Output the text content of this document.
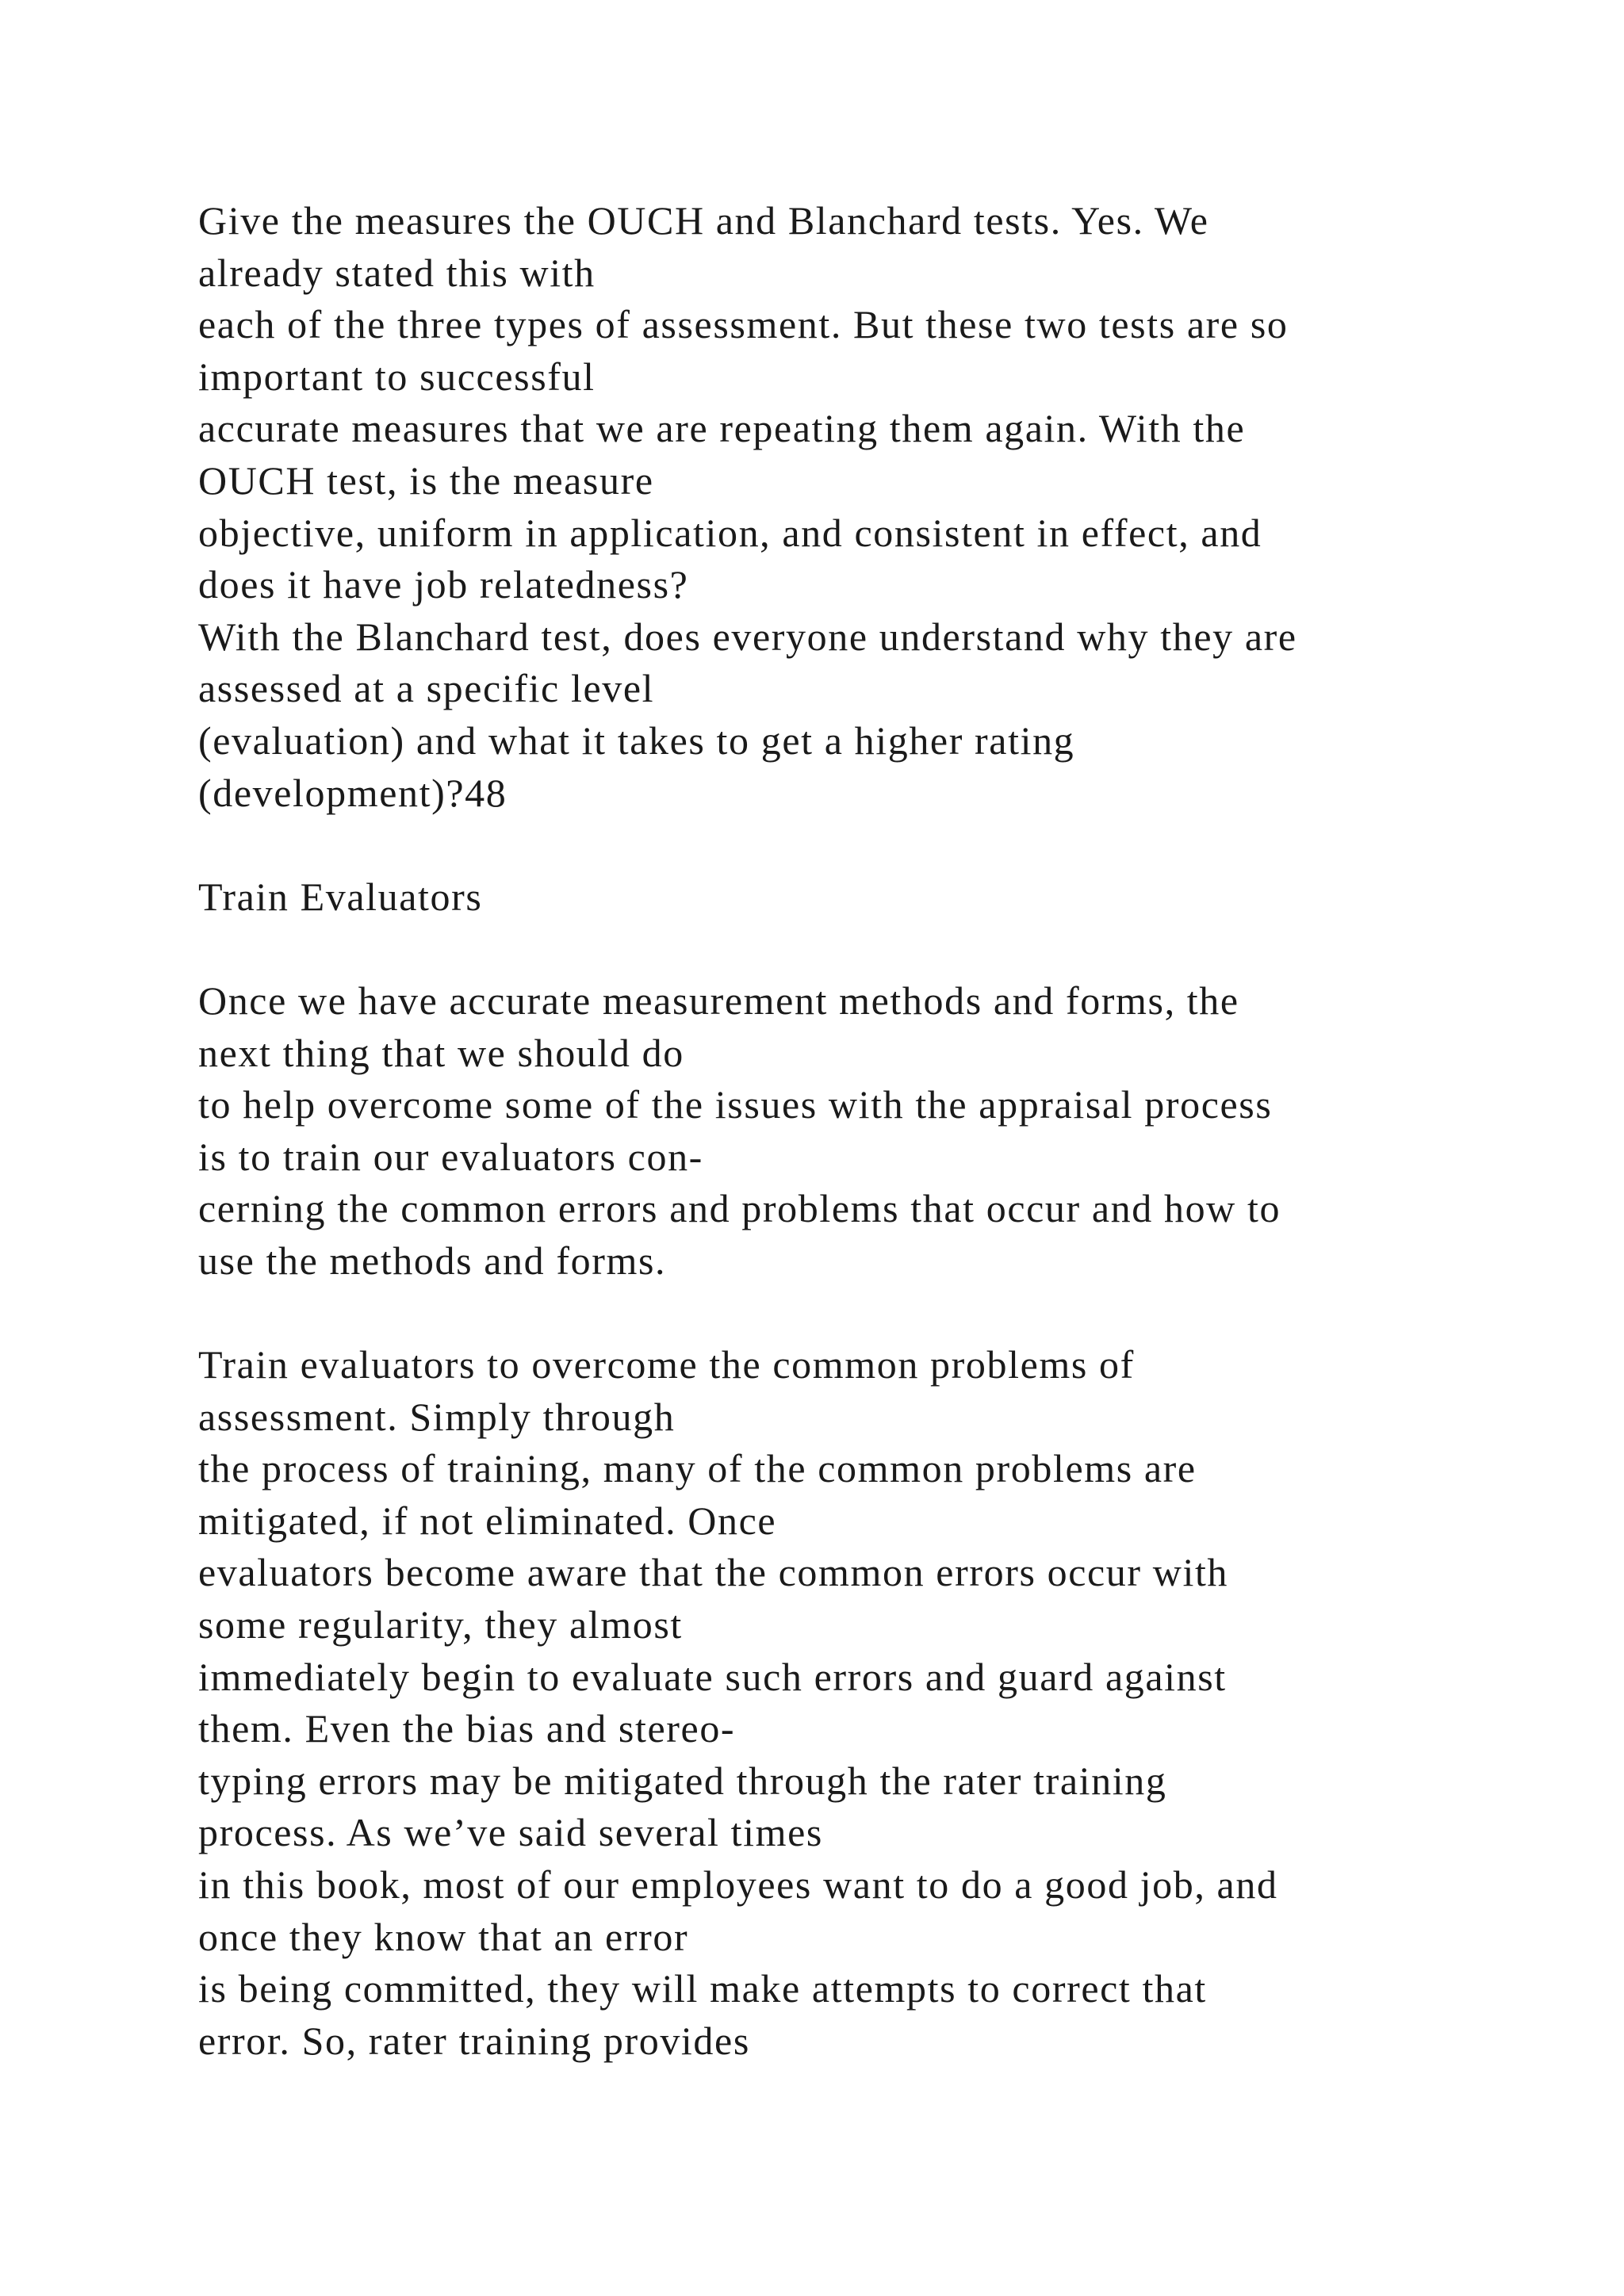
Give the measures the OUCH and Blanchard tests. Yes. We
already stated this with
each of the three types of assessment. But these two tests are so
important to successful
accurate measures that we are repeating them again. With the
OUCH test, is the measure
objective, uniform in application, and consistent in effect, and
does it have job relatedness?
With the Blanchard test, does everyone understand why they are
assessed at a specific level
(evaluation) and what it takes to get a higher rating
(development)?48
Train Evaluators
Once we have accurate measurement methods and forms, the
next thing that we should do
to help overcome some of the issues with the appraisal process
is to train our evaluators con-
cerning the common errors and problems that occur and how to
use the methods and forms.
Train evaluators to overcome the common problems of
assessment. Simply through
the process of training, many of the common problems are
mitigated, if not eliminated. Once
evaluators become aware that the common errors occur with
some regularity, they almost
immediately begin to evaluate such errors and guard against
them. Even the bias and stereo-
typing errors may be mitigated through the rater training
process. As we’ve said several times
in this book, most of our employees want to do a good job, and
once they know that an error
is being committed, they will make attempts to correct that
error. So, rater training provides
